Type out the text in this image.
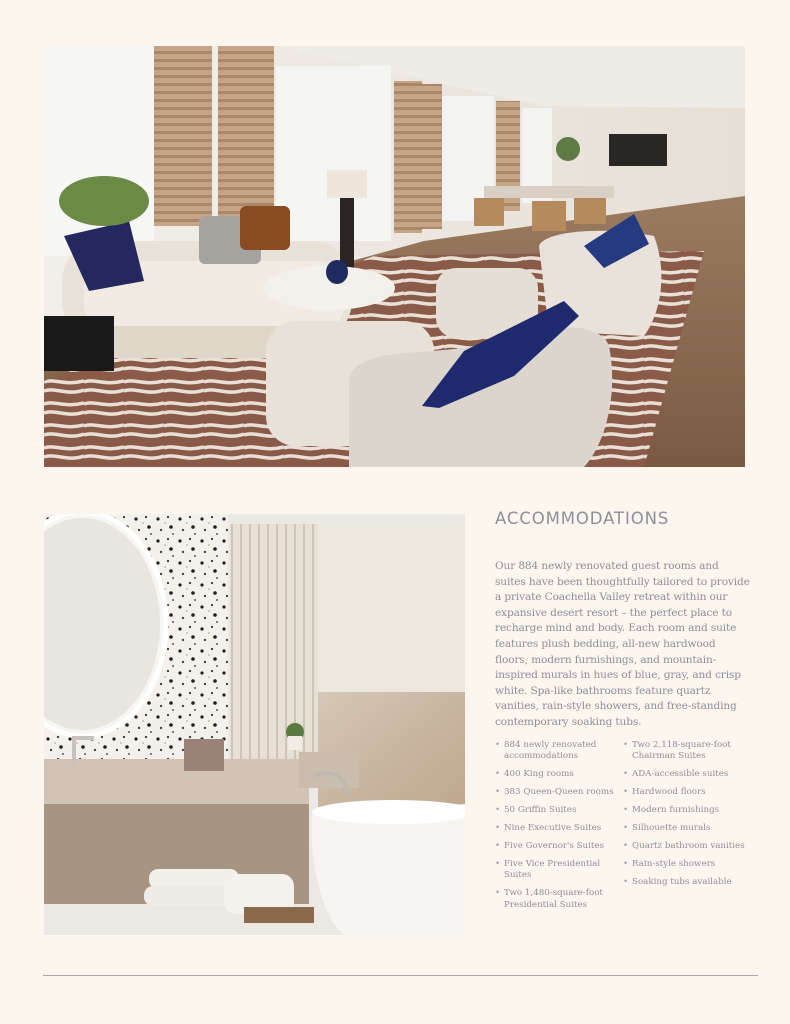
ACCOMMODATIONS

Our 884 newly renovated guest rooms and suites have been thoughtfully tailored to provide a private Coachella Valley retreat within our expansive desert resort – the perfect place to recharge mind and body. Each room and suite features plush bedding, all-new hardwood floors, modern furnishings, and mountain-inspired murals in hues of blue, gray, and crisp white. Spa-like bathrooms feature quartz vanities, rain-style showers, and free-standing contemporary soaking tubs.

• 884 newly renovated accommodations
• 400 King rooms
• 383 Queen-Queen rooms
• 50 Griffin Suites
• Nine Executive Suites
• Five Governor's Suites
• Five Vice Presidential Suites
• Two 1,480-square-foot Presidential Suites
• Two 2,118-square-foot Chairman Suites
• ADA-accessible suites
• Hardwood floors
• Modern furnishings
• Silhouette murals
• Quartz bathroom vanities
• Rain-style showers
• Soaking tubs available
